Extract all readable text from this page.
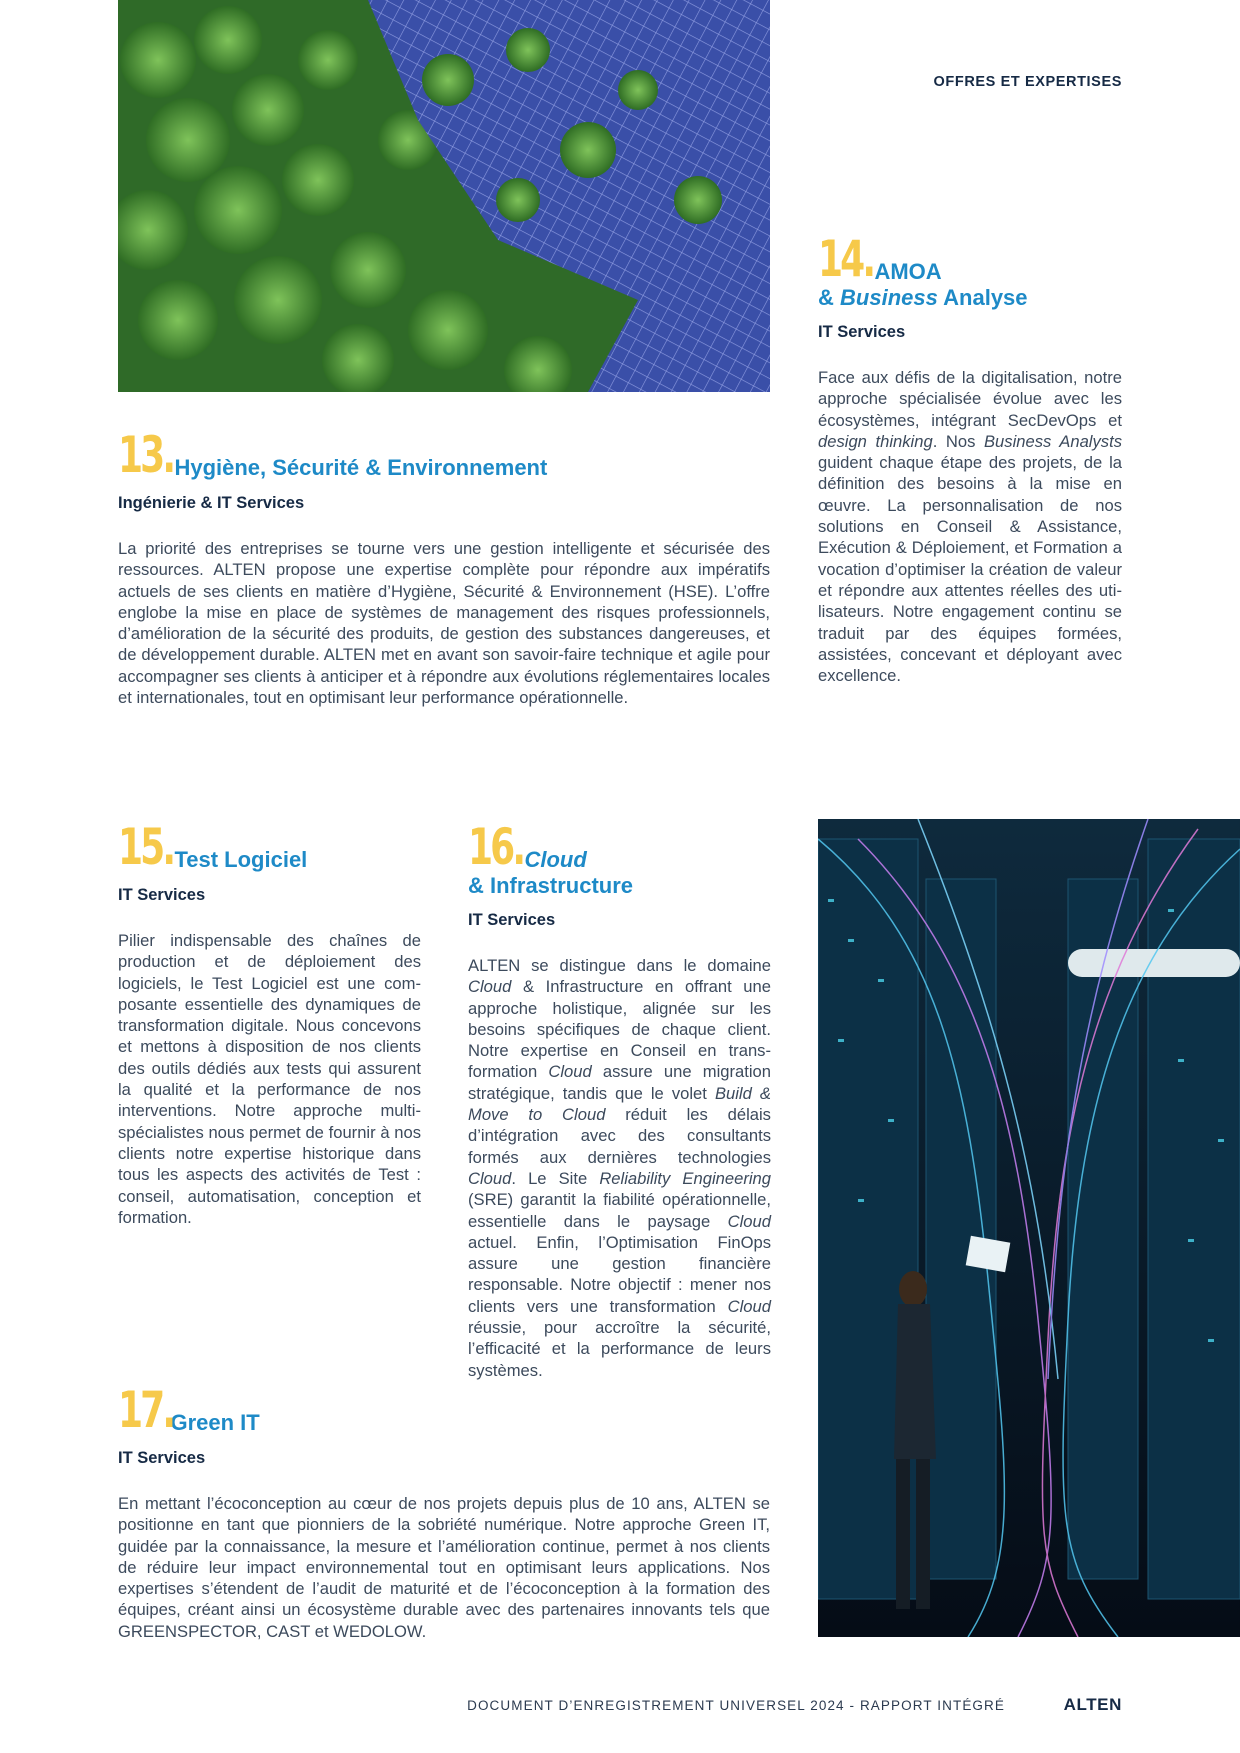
OFFRES ET EXPERTISES
13. Hygiène, Sécurité & Environnement
Ingénierie & IT Services

La priorité des entreprises se tourne vers une gestion intelligente et sécurisée des ressources. ALTEN propose une expertise complète pour répondre aux impératifs actuels de ses clients en matière d’Hygiène, Sécurité & Environnement (HSE). L’offre englobe la mise en place de systèmes de management des risques professionnels, d’amélioration de la sécurité des produits, de gestion des substances dangereuses, et de développement durable. ALTEN met en avant son savoir-faire technique et agile pour accompagner ses clients à anticiper et à répondre aux évolutions réglementaires locales et internationales, tout en optimisant leur performance opérationnelle.

14. AMOA
& Business Analyse
IT Services

Face aux défis de la digitalisation, notre approche spécialisée évolue avec les écosystèmes, intégrant SecDevOps et design thinking. Nos Business Analysts guident chaque étape des projets, de la définition des besoins à la mise en œuvre. La personnalisation de nos solutions en Conseil & Assistance, Exécution & Déploiement, et Formation a vocation d’optimiser la création de valeur et répondre aux attentes réelles des utilisateurs. Notre engagement continu se traduit par des équipes formées, assistées, concevant et déployant avec excellence.

15. Test Logiciel
IT Services

Pilier indispensable des chaînes de production et de déploiement des logiciels, le Test Logiciel est une composante essentielle des dynamiques de transformation digitale. Nous concevons et mettons à disposition de nos clients des outils dédiés aux tests qui assurent la qualité et la performance de nos interventions. Notre approche multi-spécialistes nous permet de fournir à nos clients notre expertise historique dans tous les aspects des activités de Test : conseil, automatisation, conception et formation.

16. Cloud
& Infrastructure
IT Services

ALTEN se distingue dans le domaine Cloud & Infrastructure en offrant une approche holistique, alignée sur les besoins spécifiques de chaque client. Notre expertise en Conseil en transformation Cloud assure une migration stratégique, tandis que le volet Build & Move to Cloud réduit les délais d’intégration avec des consultants formés aux dernières technologies Cloud. Le Site Reliability Engineering (SRE) garantit la fiabilité opérationnelle, essentielle dans le paysage Cloud actuel. Enfin, l’Optimisation FinOps assure une gestion financière responsable. Notre objectif : mener nos clients vers une transformation Cloud réussie, pour accroître la sécurité, l’efficacité et la performance de leurs systèmes.

17. Green IT
IT Services

En mettant l’écoconception au cœur de nos projets depuis plus de 10 ans, ALTEN se positionne en tant que pionniers de la sobriété numérique. Notre approche Green IT, guidée par la connaissance, la mesure et l’amélioration continue, permet à nos clients de réduire leur impact environnemental tout en optimisant leurs applications. Nos expertises s’étendent de l’audit de maturité et de l’écoconception à la formation des équipes, créant ainsi un écosystème durable avec des partenaires innovants tels que GREENSPECTOR, CAST et WEDOLOW.

DOCUMENT D’ENREGISTREMENT UNIVERSEL 2024 - RAPPORT INTÉGRÉ	ALTEN
